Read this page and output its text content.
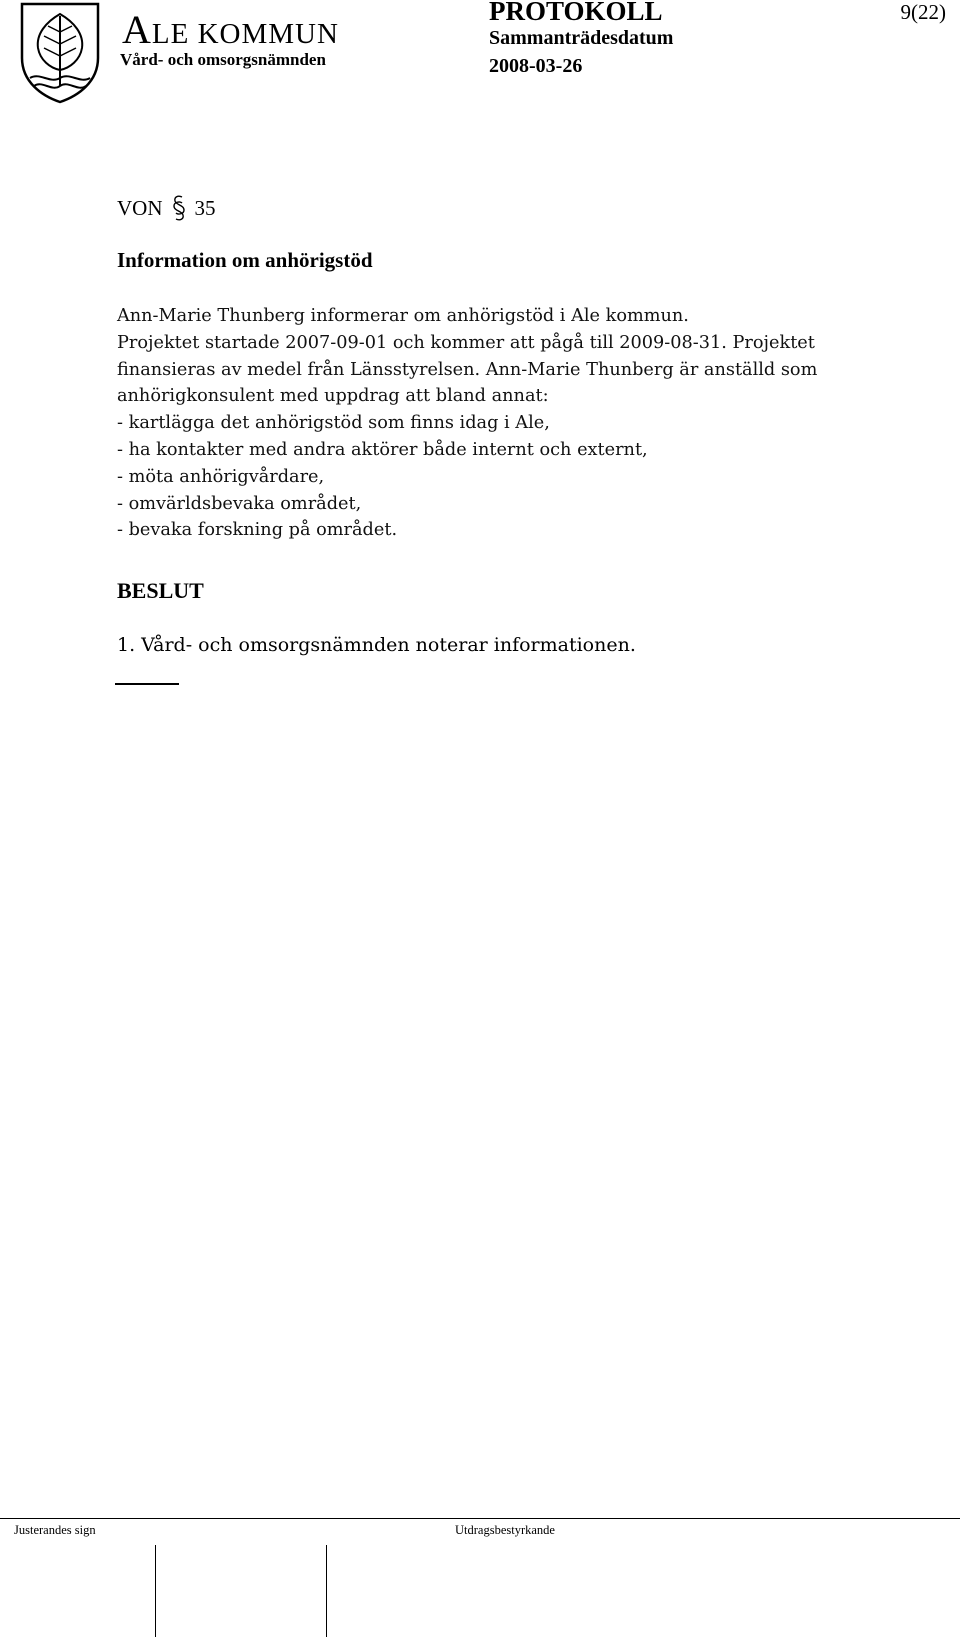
ALE KOMMUN
Vård- och omsorgsnämnden
PROTOKOLL
Sammanträdesdatum
2008-03-26
9(22)
VON 35
Information om anhörigstöd
Ann-Marie Thunberg informerar om anhörigstöd i Ale kommun.
Projektet startade 2007-09-01 och kommer att pågå till 2009-08-31. Projektet
finansieras av medel från Länsstyrelsen. Ann-Marie Thunberg är anställd som
anhörigkonsulent med uppdrag att bland annat:
- kartlägga det anhörigstöd som finns idag i Ale,
- ha kontakter med andra aktörer både internt och externt,
- möta anhörigvårdare,
- omvärldsbevaka området,
- bevaka forskning på området.
BESLUT
1. Vård- och omsorgsnämnden noterar informationen.
Justerandes sign	Utdragsbestyrkande
